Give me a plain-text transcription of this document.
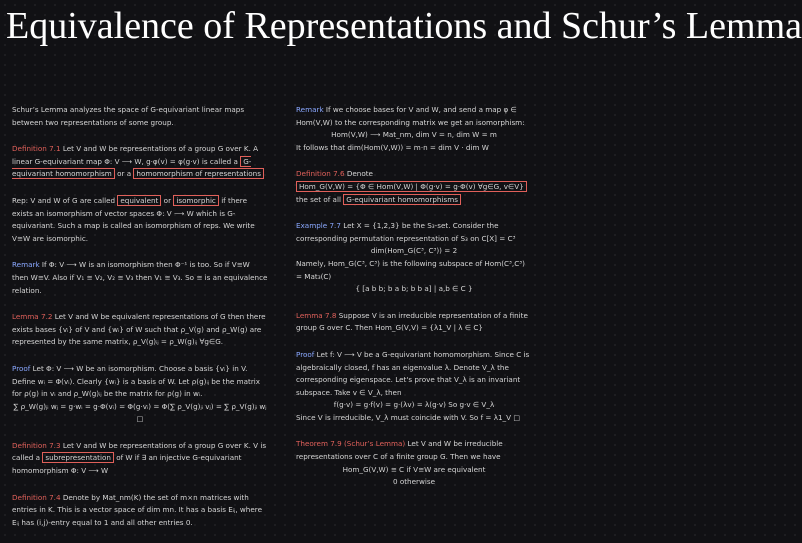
Equivalence of Representations and Schur’s Lemma
Schur’s Lemma analyzes the space of G-equivariant linear maps between two representations of some group.
Definition 7.1 Let V and W be representations of a group G over K. A linear G-equivariant map Φ: V ⟶ W, g·φ(v) = φ(g·v) is called a G-equivariant homomorphism or a homomorphism of representations
Rep: V and W of G are called equivalent or isomorphic if there exists an isomorphism of vector spaces Φ: V ⟶ W which is G-equivariant. Such a map is called an isomorphism of reps. We write V≅W are isomorphic.
Remark If Φ: V ⟶ W is an isomorphism then Φ⁻¹ is too. So if V≅W then W≅V. Also if V₁ ≅ V₂, V₂ ≅ V₃ then V₁ ≅ V₃. So ≅ is an equivalence relation.
Lemma 7.2 Let V and W be equivalent representations of G then there exists bases {vᵢ} of V and {wᵢ} of W such that ρ_V(g) and ρ_W(g) are represented by the same matrix, ρ_V(g)ᵢⱼ = ρ_W(g)ᵢⱼ ∀g∈G.
Proof Let Φ: V ⟶ W be an isomorphism. Choose a basis {vᵢ} in V. Define wᵢ = Φ(vᵢ). Clearly {wᵢ} is a basis of W. Let ρ(g)ᵢⱼ be the matrix for ρ(g) in vᵢ and ρ_W(g)ᵢⱼ be the matrix for ρ(g) in wᵢ.
∑ ρ_W(g)ⱼᵢ wⱼ = g·wᵢ = g·Φ(vᵢ) = Φ(g·vᵢ) = Φ(∑ ρ_V(g)ⱼᵢ vⱼ) = ∑ ρ_V(g)ⱼᵢ wⱼ □
Definition 7.3 Let V and W be representations of a group G over K. V is called a subrepresentation of W if ∃ an injective G-equivariant homomorphism Φ: V ⟶ W
Definition 7.4 Denote by Mat_nm(K) the set of m×n matrices with entries in K. This is a vector space of dim mn. It has a basis Eᵢⱼ, where Eᵢⱼ has (i,j)-entry equal to 1 and all other entries 0.
Remark If we choose bases for V and W, and send a map φ ∈ Hom(V,W) to the corresponding matrix we get an isomorphism:
Hom(V,W) ⟶ Mat_nm, dim V = n, dim W = m
It follows that dim(Hom(V,W)) = m·n = dim V · dim W
Definition 7.6 Denote
Hom_G(V,W) = {Φ ∈ Hom(V,W) | Φ(g·v) = g·Φ(v) ∀g∈G, v∈V}
the set of all G-equivariant homomorphisms
Example 7.7 Let X = {1,2,3} be the S₃-set. Consider the corresponding permutation representation of S₃ on C[X] = C³
dim(Hom_G(C³, C³)) = 2
Namely, Hom_G(C³, C³) is the following subspace of Hom(C³,C³) = Mat₃(C)
{ [a b b; b a b; b b a] | a,b ∈ C }
Lemma 7.8 Suppose V is an irreducible representation of a finite group G over C. Then Hom_G(V,V) = {λ1_V | λ ∈ C}
Proof Let f: V ⟶ V be a G-equivariant homomorphism. Since C is algebraically closed, f has an eigenvalue λ. Denote V_λ the corresponding eigenspace. Let's prove that V_λ is an invariant subspace. Take v ∈ V_λ, then
f(g·v) = g·f(v) = g·(λv) = λ(g·v) So g·v ∈ V_λ
Since V is irreducible, V_λ must coincide with V. So f = λ1_V □
Theorem 7.9 (Schur’s Lemma) Let V and W be irreducible representations over C of a finite group G. Then we have
Hom_G(V,W) ≅ C if V≅W are equivalent
0 otherwise
